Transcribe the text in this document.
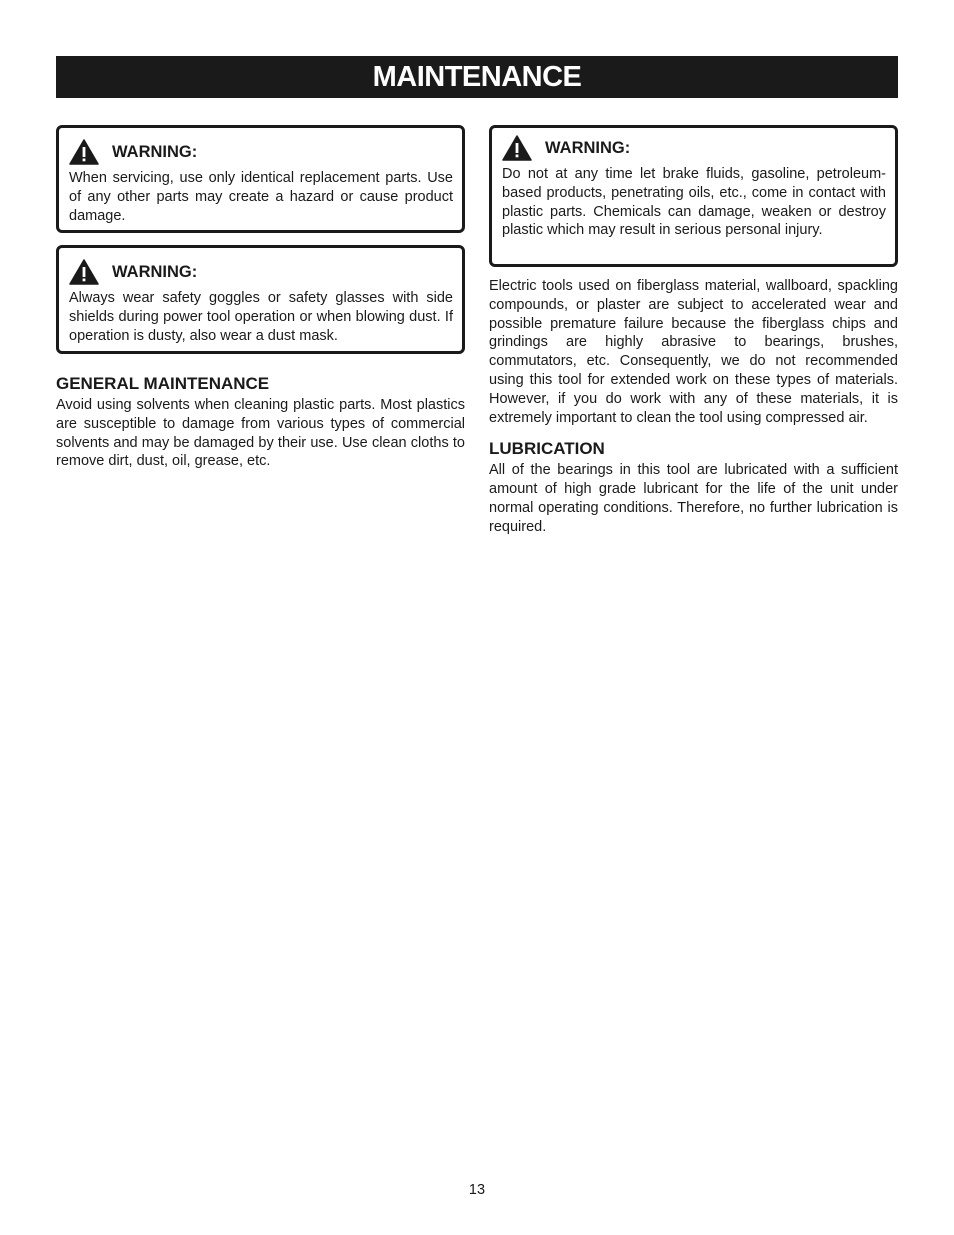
MAINTENANCE
WARNING:
When servicing, use only identical replacement parts. Use of any other parts may create a hazard or cause product damage.
WARNING:
Always wear safety goggles or safety glasses with side shields during power tool operation or when blowing dust. If operation is dusty, also wear a dust mask.
GENERAL MAINTENANCE

Avoid using solvents when cleaning plastic parts. Most plastics are susceptible to damage from various types of commercial solvents and may be damaged by their use. Use clean cloths to remove dirt, dust, oil, grease, etc.

WARNING:
Do not at any time let brake fluids, gasoline, petroleum-based products, penetrating oils, etc., come in contact with plastic parts. Chemicals can damage, weaken or destroy plastic which may result in serious personal injury.

Electric tools used on fiberglass material, wallboard, spackling compounds, or plaster are subject to accelerated wear and possible premature failure because the fiberglass chips and grindings are highly abrasive to bearings, brushes, commutators, etc. Consequently, we do not recommended using this tool for extended work on these types of materials. However, if you do work with any of these materials, it is extremely important to clean the tool using compressed air.

LUBRICATION

All of the bearings in this tool are lubricated with a sufficient amount of high grade lubricant for the life of the unit under normal operating conditions. Therefore, no further lubrication is required.

13
